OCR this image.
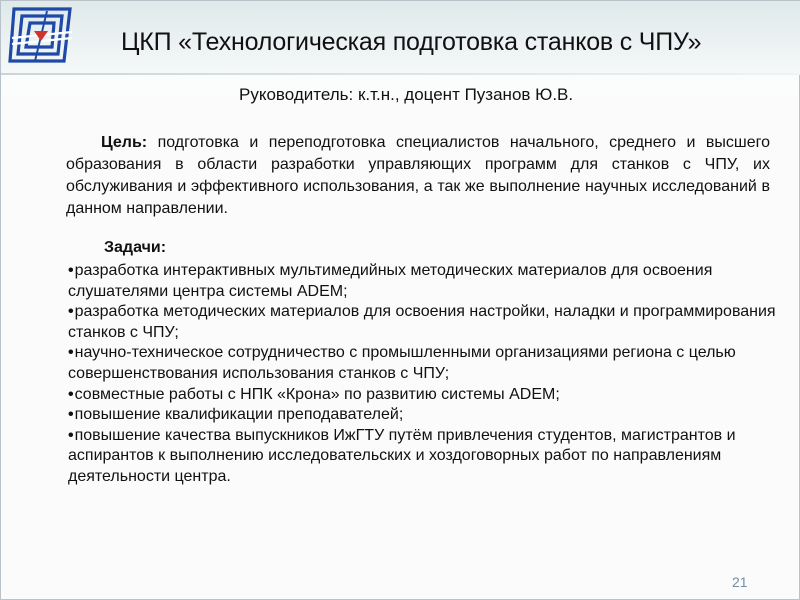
ЦКП «Технологическая подготовка станков с ЧПУ»
Руководитель: к.т.н., доцент Пузанов Ю.В.

Цель: подготовка и переподготовка специалистов начального, среднего и высшего образования в области разработки управляющих программ для станков с ЧПУ, их обслуживания и эффективного использования, а так же выполнение научных исследований в данном направлении.

Задачи:
•разработка интерактивных мультимедийных методических материалов для освоения слушателями центра системы ADEM;
•разработка методических материалов для освоения настройки, наладки и программирования станков с ЧПУ;
•научно-техническое сотрудничество с промышленными организациями региона с целью совершенствования использования станков с ЧПУ;
•совместные работы с НПК «Крона» по развитию системы ADEM;
•повышение квалификации преподавателей;
•повышение качества выпускников ИжГТУ путём привлечения студентов, магистрантов и аспирантов к выполнению исследовательских и хоздоговорных работ по направлениям деятельности центра.
21
